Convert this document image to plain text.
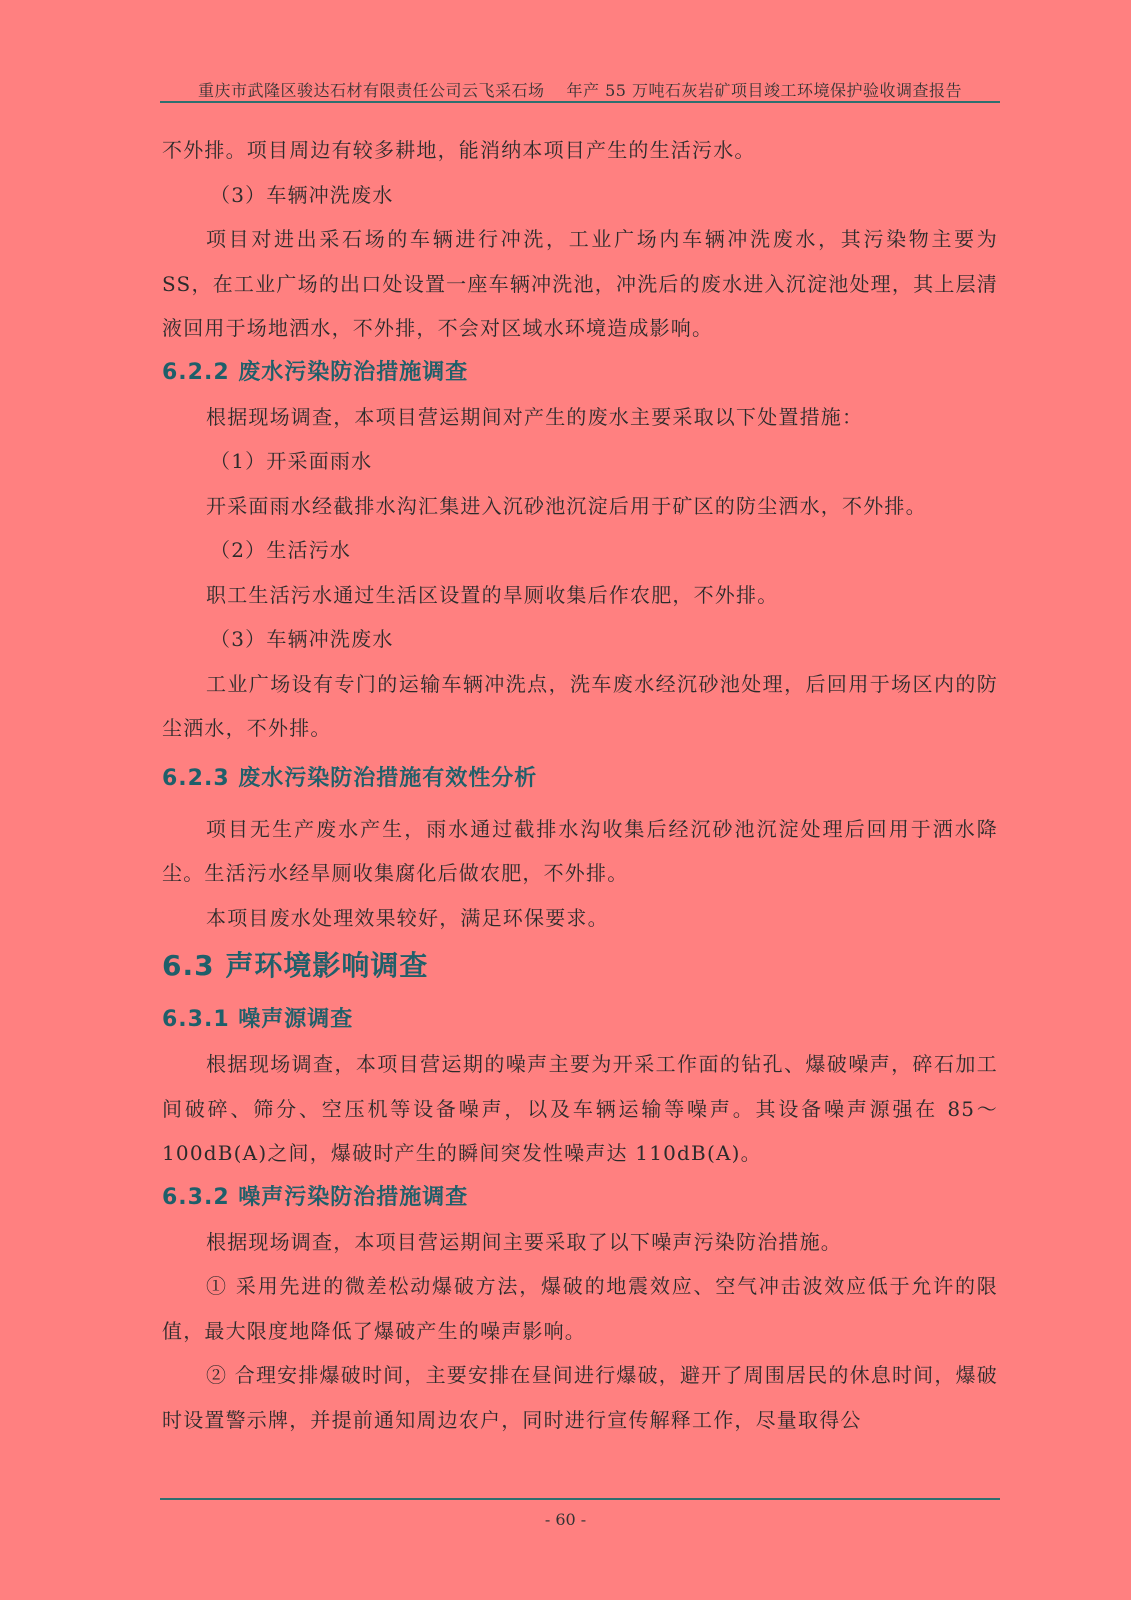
重庆市武隆区骏达石材有限责任公司云飞采石场 年产 55 万吨石灰岩矿项目竣工环境保护验收调查报告

不外排。项目周边有较多耕地，能消纳本项目产生的生活污水。

（3）车辆冲洗废水

项目对进出采石场的车辆进行冲洗，工业广场内车辆冲洗废水，其污染物主要为SS，在工业广场的出口处设置一座车辆冲洗池，冲洗后的废水进入沉淀池处理，其上层清液回用于场地洒水，不外排，不会对区域水环境造成影响。

6.2.2 废水污染防治措施调查

根据现场调查，本项目营运期间对产生的废水主要采取以下处置措施：

（1）开采面雨水

开采面雨水经截排水沟汇集进入沉砂池沉淀后用于矿区的防尘洒水，不外排。

（2）生活污水

职工生活污水通过生活区设置的旱厕收集后作农肥，不外排。

（3）车辆冲洗废水

工业广场设有专门的运输车辆冲洗点，洗车废水经沉砂池处理，后回用于场区内的防尘洒水，不外排。

6.2.3 废水污染防治措施有效性分析

项目无生产废水产生，雨水通过截排水沟收集后经沉砂池沉淀处理后回用于洒水降尘。生活污水经旱厕收集腐化后做农肥，不外排。

本项目废水处理效果较好，满足环保要求。

6.3 声环境影响调查
6.3.1 噪声源调查

根据现场调查，本项目营运期的噪声主要为开采工作面的钻孔、爆破噪声，碎石加工间破碎、筛分、空压机等设备噪声，以及车辆运输等噪声。其设备噪声源强在 85～100dB(A)之间，爆破时产生的瞬间突发性噪声达 110dB(A)。

6.3.2 噪声污染防治措施调查

根据现场调查，本项目营运期间主要采取了以下噪声污染防治措施。

① 采用先进的微差松动爆破方法，爆破的地震效应、空气冲击波效应低于允许的限值，最大限度地降低了爆破产生的噪声影响。

② 合理安排爆破时间，主要安排在昼间进行爆破，避开了周围居民的休息时间，爆破时设置警示牌，并提前通知周边农户，同时进行宣传解释工作，尽量取得公

- 60 -
